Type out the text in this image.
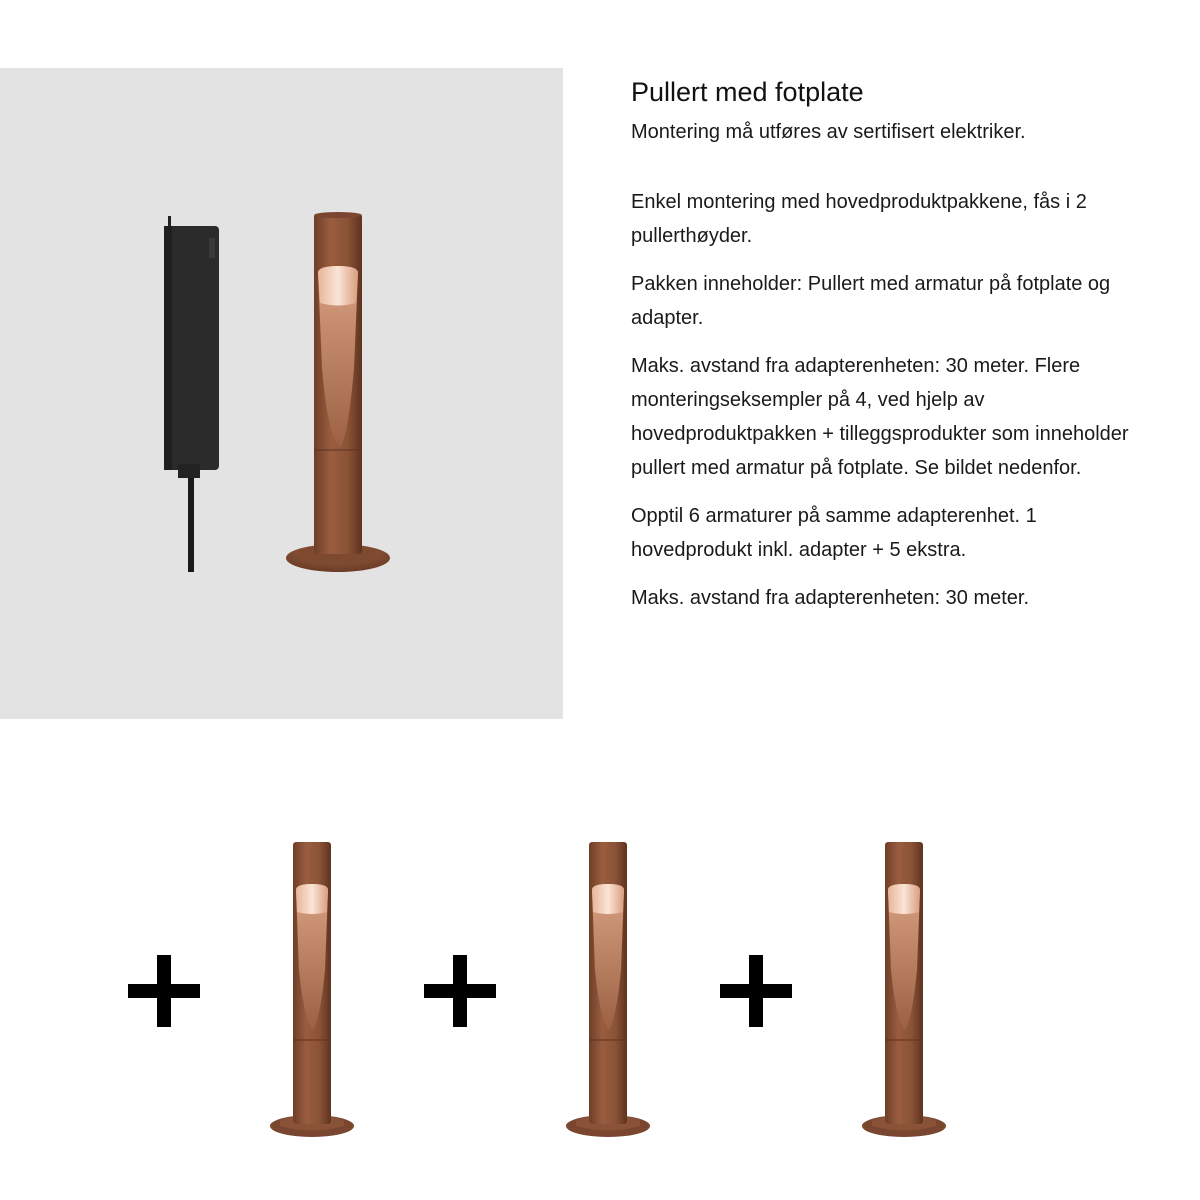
Pullert med fotplate

Montering må utføres av sertifisert elektriker.

Enkel montering med hovedproduktpakkene, fås i 2 pullerthøyder.

Pakken inneholder: Pullert med armatur på fotplate og adapter.

Maks. avstand fra adapterenheten: 30 meter. Flere monteringseksempler på 4, ved hjelp av hovedproduktpakken + tilleggsprodukter som inneholder pullert med armatur på fotplate. Se bildet nedenfor.

Opptil 6 armaturer på samme adapterenhet. 1 hovedprodukt inkl. adapter + 5 ekstra.

Maks. avstand fra adapterenheten: 30 meter.
